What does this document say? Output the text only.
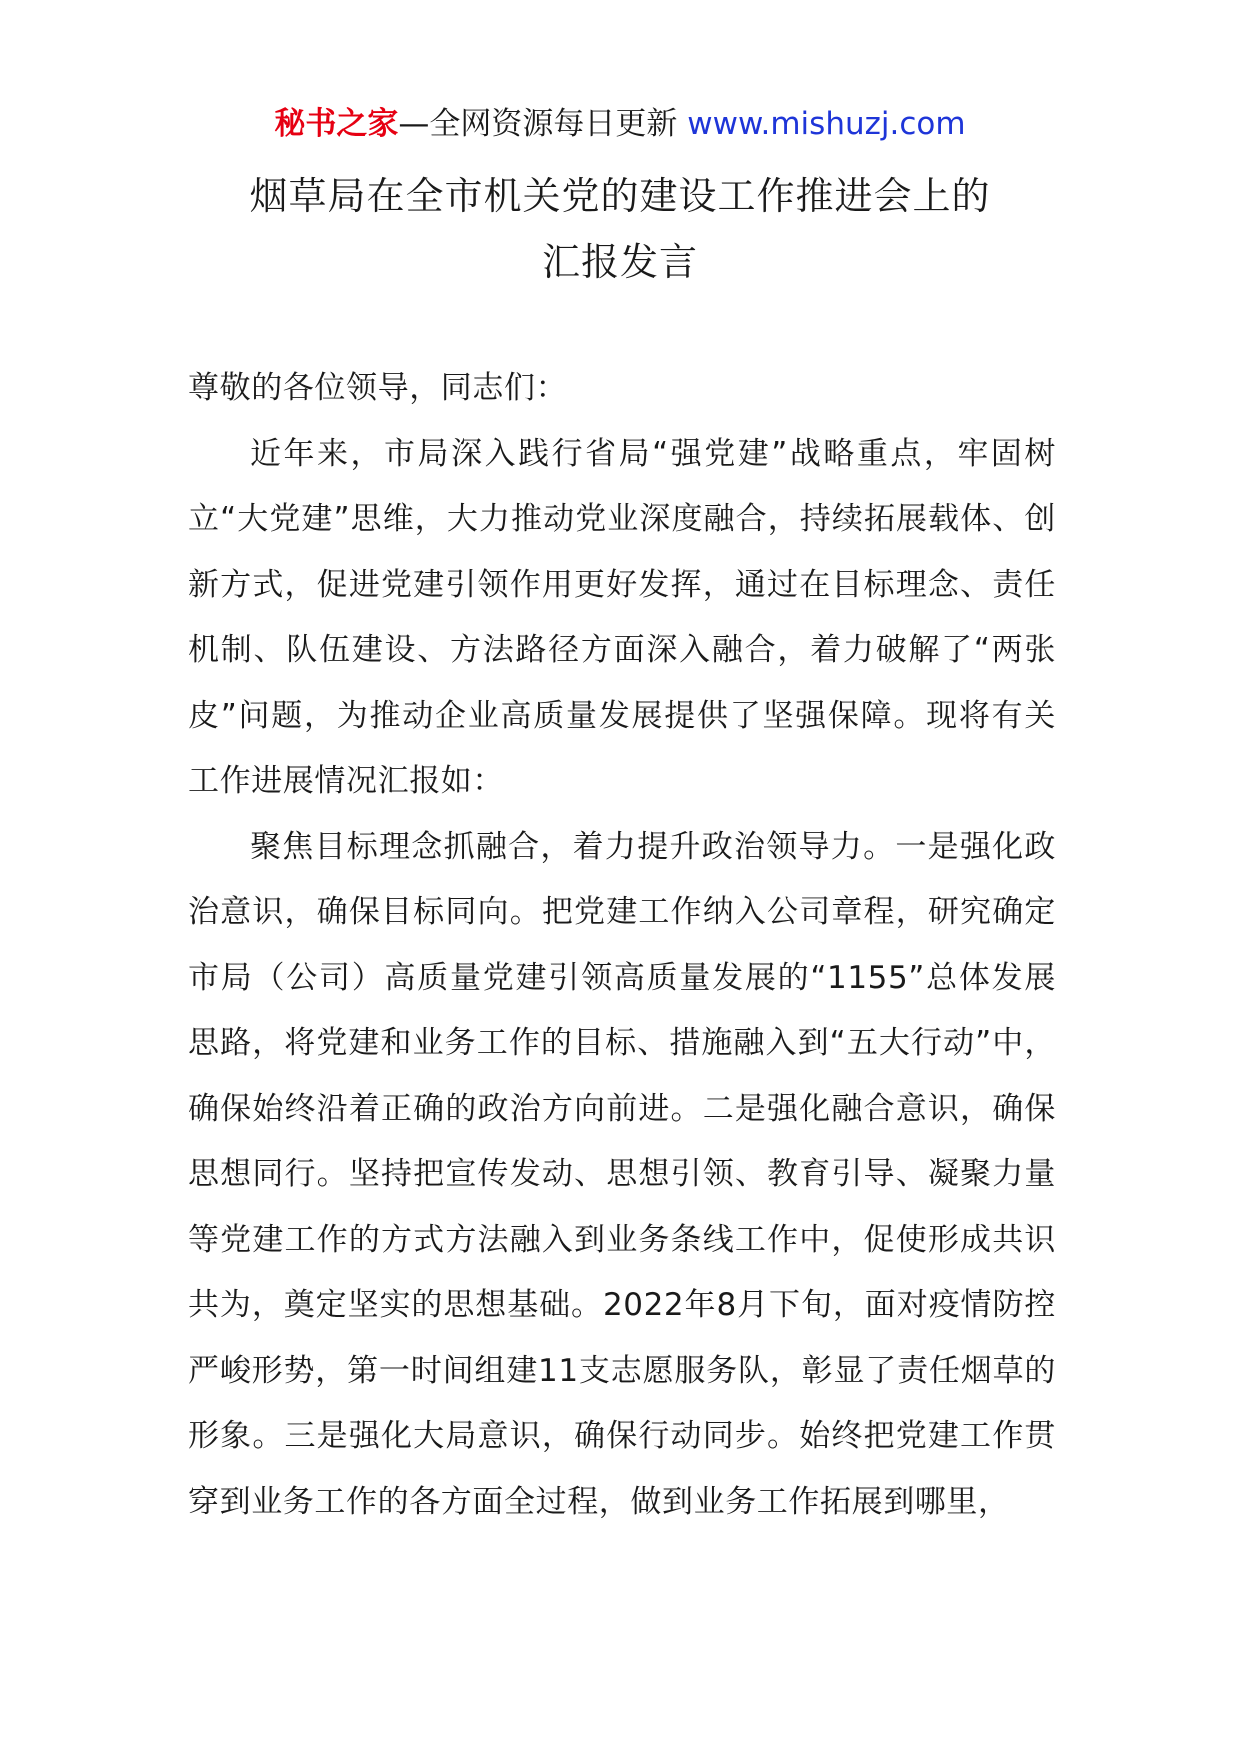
秘书之家—全网资源每日更新 www.mishuzj.com
烟草局在全市机关党的建设工作推进会上的
汇报发言

尊敬的各位领导，同志们：

近年来，市局深入践行省局“强党建”战略重点，牢固树立“大党建”思维，大力推动党业深度融合，持续拓展载体、创新方式，促进党建引领作用更好发挥，通过在目标理念、责任机制、队伍建设、方法路径方面深入融合，着力破解了“两张皮”问题，为推动企业高质量发展提供了坚强保障。现将有关工作进展情况汇报如：

聚焦目标理念抓融合，着力提升政治领导力。一是强化政治意识，确保目标同向。把党建工作纳入公司章程，研究确定市局（公司）高质量党建引领高质量发展的“1155”总体发展思路，将党建和业务工作的目标、措施融入到“五大行动”中，确保始终沿着正确的政治方向前进。二是强化融合意识，确保思想同行。坚持把宣传发动、思想引领、教育引导、凝聚力量等党建工作的方式方法融入到业务条线工作中，促使形成共识共为，奠定坚实的思想基础。2022年8月下旬，面对疫情防控严峻形势，第一时间组建11支志愿服务队，彰显了责任烟草的形象。三是强化大局意识，确保行动同步。始终把党建工作贯穿到业务工作的各方面全过程，做到业务工作拓展到哪里，
